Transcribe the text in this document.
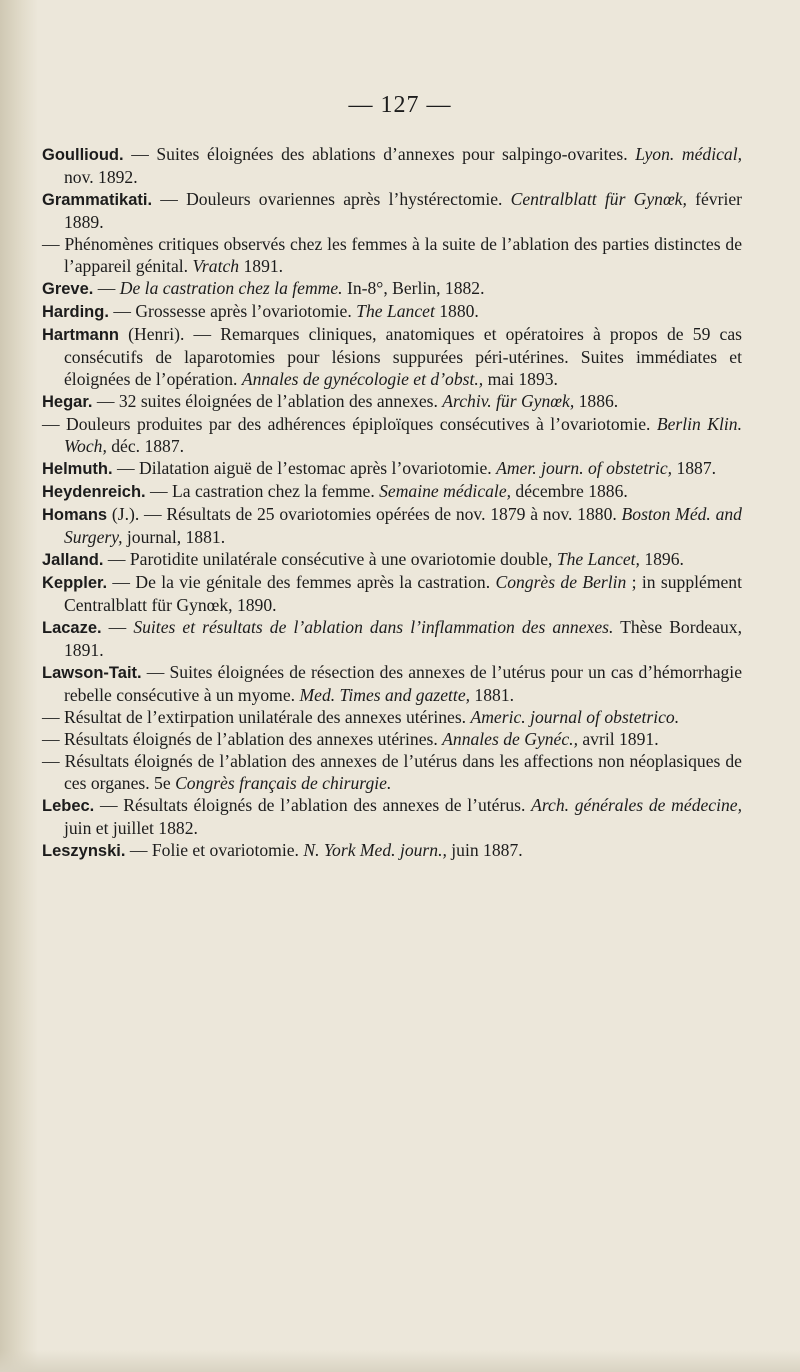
— 127 —

Goullioud. — Suites éloignées des ablations d’annexes pour salpingo-ovarites. Lyon. médical, nov. 1892.

Grammatikati. — Douleurs ovariennes après l’hystérectomie. Centralblatt für Gynœk, février 1889.

— Phénomènes critiques observés chez les femmes à la suite de l’ablation des parties distinctes de l’appareil génital. Vratch 1891.

Greve. — De la castration chez la femme. In-8°, Berlin, 1882.

Harding. — Grossesse après l’ovariotomie. The Lancet 1880.

Hartmann (Henri). — Remarques cliniques, anatomiques et opératoires à propos de 59 cas consécutifs de laparotomies pour lésions suppurées péri-utérines. Suites immédiates et éloignées de l’opération. Annales de gynécologie et d’obst., mai 1893.

Hegar. — 32 suites éloignées de l’ablation des annexes. Archiv. für Gynœk, 1886.

— Douleurs produites par des adhérences épiploïques consécutives à l’ovariotomie. Berlin Klin. Woch, déc. 1887.

Helmuth. — Dilatation aiguë de l’estomac après l’ovariotomie. Amer. journ. of obstetric, 1887.

Heydenreich. — La castration chez la femme. Semaine médicale, décembre 1886.

Homans (J.). — Résultats de 25 ovariotomies opérées de nov. 1879 à nov. 1880. Boston Méd. and Surgery, journal, 1881.

Jalland. — Parotidite unilatérale consécutive à une ovariotomie double, The Lancet, 1896.

Keppler. — De la vie génitale des femmes après la castration. Congrès de Berlin ; in supplément Centralblatt für Gynœk, 1890.

Lacaze. — Suites et résultats de l’ablation dans l’inflammation des annexes. Thèse Bordeaux, 1891.

Lawson-Tait. — Suites éloignées de résection des annexes de l’utérus pour un cas d’hémorrhagie rebelle consécutive à un myome. Med. Times and gazette, 1881.

— Résultat de l’extirpation unilatérale des annexes utérines. Americ. journal of obstetrico.

— Résultats éloignés de l’ablation des annexes utérines. Annales de Gynéc., avril 1891.

— Résultats éloignés de l’ablation des annexes de l’utérus dans les affections non néoplasiques de ces organes. 5e Congrès français de chirurgie.

Lebec. — Résultats éloignés de l’ablation des annexes de l’utérus. Arch. générales de médecine, juin et juillet 1882.

Leszynski. — Folie et ovariotomie. N. York Med. journ., juin 1887.
